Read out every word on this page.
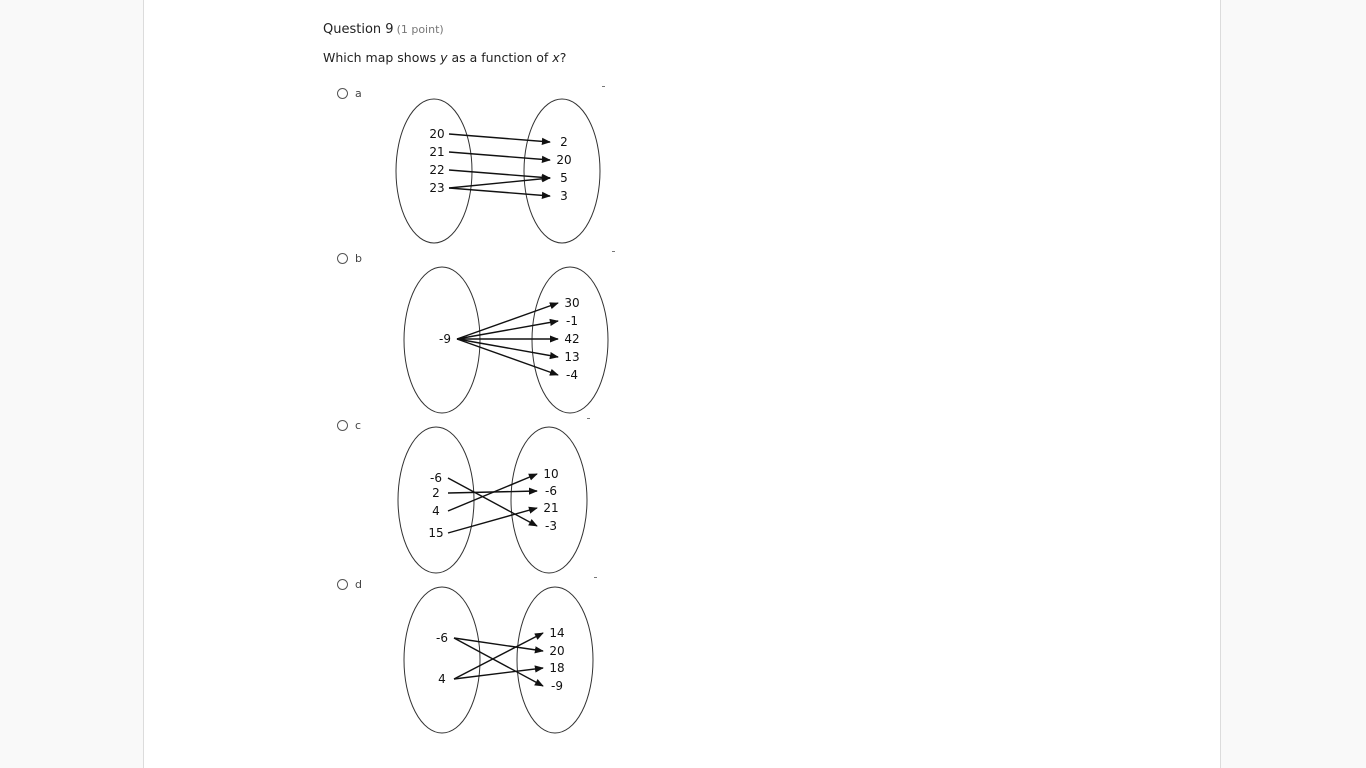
Question 9 (1 point)
Which map shows y as a function of x?
a
20
21
22
23
2
20
5
3
b
-9
30
-1
42
13
-4
c
-6
2
4
15
10
-6
21
-3
d
-6
4
14
20
18
-9
